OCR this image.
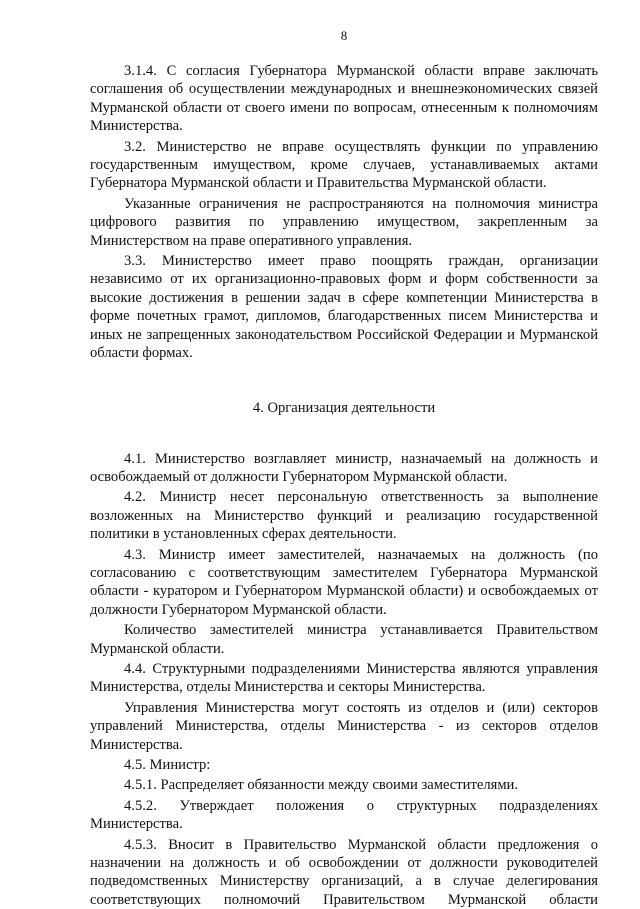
8

3.1.4. С согласия Губернатора Мурманской области вправе заключать соглашения об осуществлении международных и внешнеэкономических связей Мурманской области от своего имени по вопросам, отнесенным к полномочиям Министерства.

3.2. Министерство не вправе осуществлять функции по управлению государственным имуществом, кроме случаев, устанавливаемых актами Губернатора Мурманской области и Правительства Мурманской области.

Указанные ограничения не распространяются на полномочия министра цифрового развития по управлению имуществом, закрепленным за Министерством на праве оперативного управления.

3.3. Министерство имеет право поощрять граждан, организации независимо от их организационно-правовых форм и форм собственности за высокие достижения в решении задач в сфере компетенции Министерства в форме почетных грамот, дипломов, благодарственных писем Министерства и иных не запрещенных законодательством Российской Федерации и Мурманской области формах.

4. Организация деятельности

4.1. Министерство возглавляет министр, назначаемый на должность и освобождаемый от должности Губернатором Мурманской области.

4.2. Министр несет персональную ответственность за выполнение возложенных на Министерство функций и реализацию государственной политики в установленных сферах деятельности.

4.3. Министр имеет заместителей, назначаемых на должность (по согласованию с соответствующим заместителем Губернатора Мурманской области - куратором и Губернатором Мурманской области) и освобождаемых от должности Губернатором Мурманской области.

Количество заместителей министра устанавливается Правительством Мурманской области.

4.4. Структурными подразделениями Министерства являются управления Министерства, отделы Министерства и секторы Министерства.

Управления Министерства могут состоять из отделов и (или) секторов управлений Министерства, отделы Министерства - из секторов отделов Министерства.

4.5. Министр:

4.5.1. Распределяет обязанности между своими заместителями.

4.5.2. Утверждает положения о структурных подразделениях Министерства.

4.5.3. Вносит в Правительство Мурманской области предложения о назначении на должность и об освобождении от должности руководителей подведомственных Министерству организаций, а в случае делегирования соответствующих полномочий Правительством Мурманской области
